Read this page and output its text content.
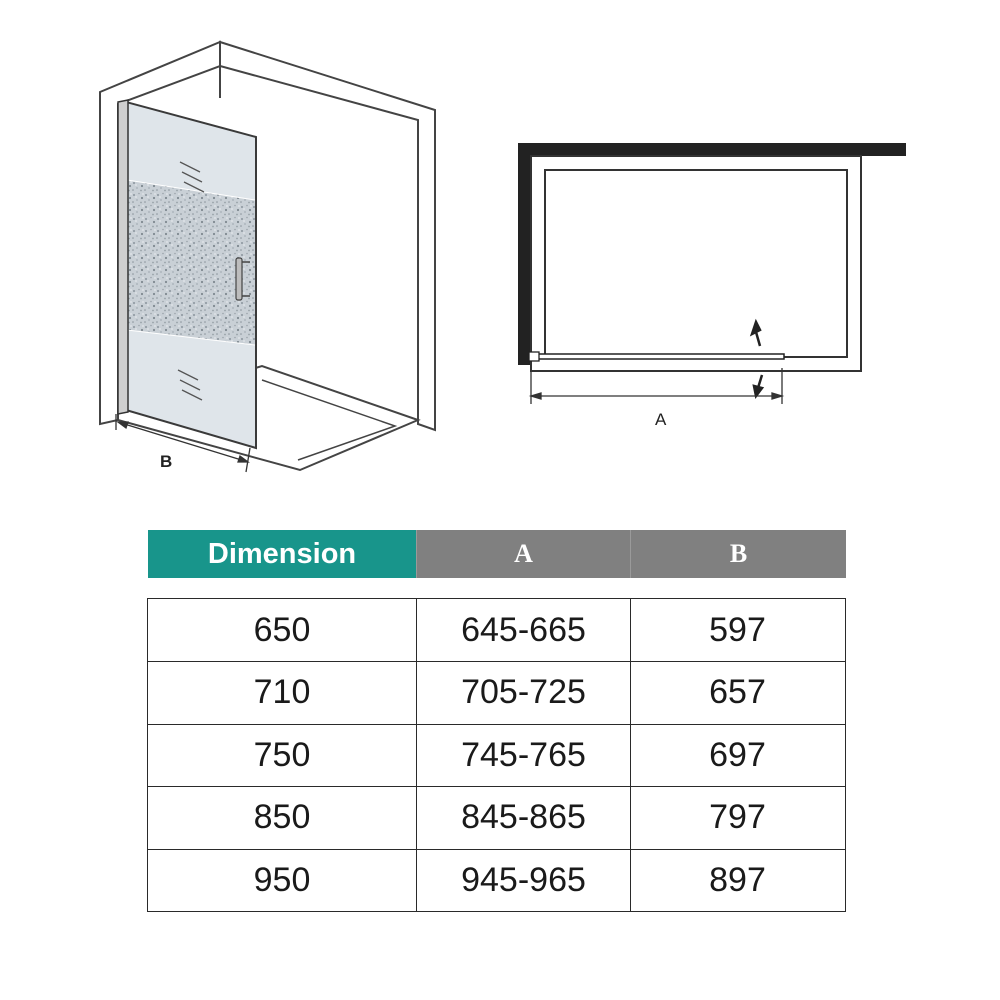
B
A
Dimension	A	B
650	645-665	597
710	705-725	657
750	745-765	697
850	845-865	797
950	945-965	897
